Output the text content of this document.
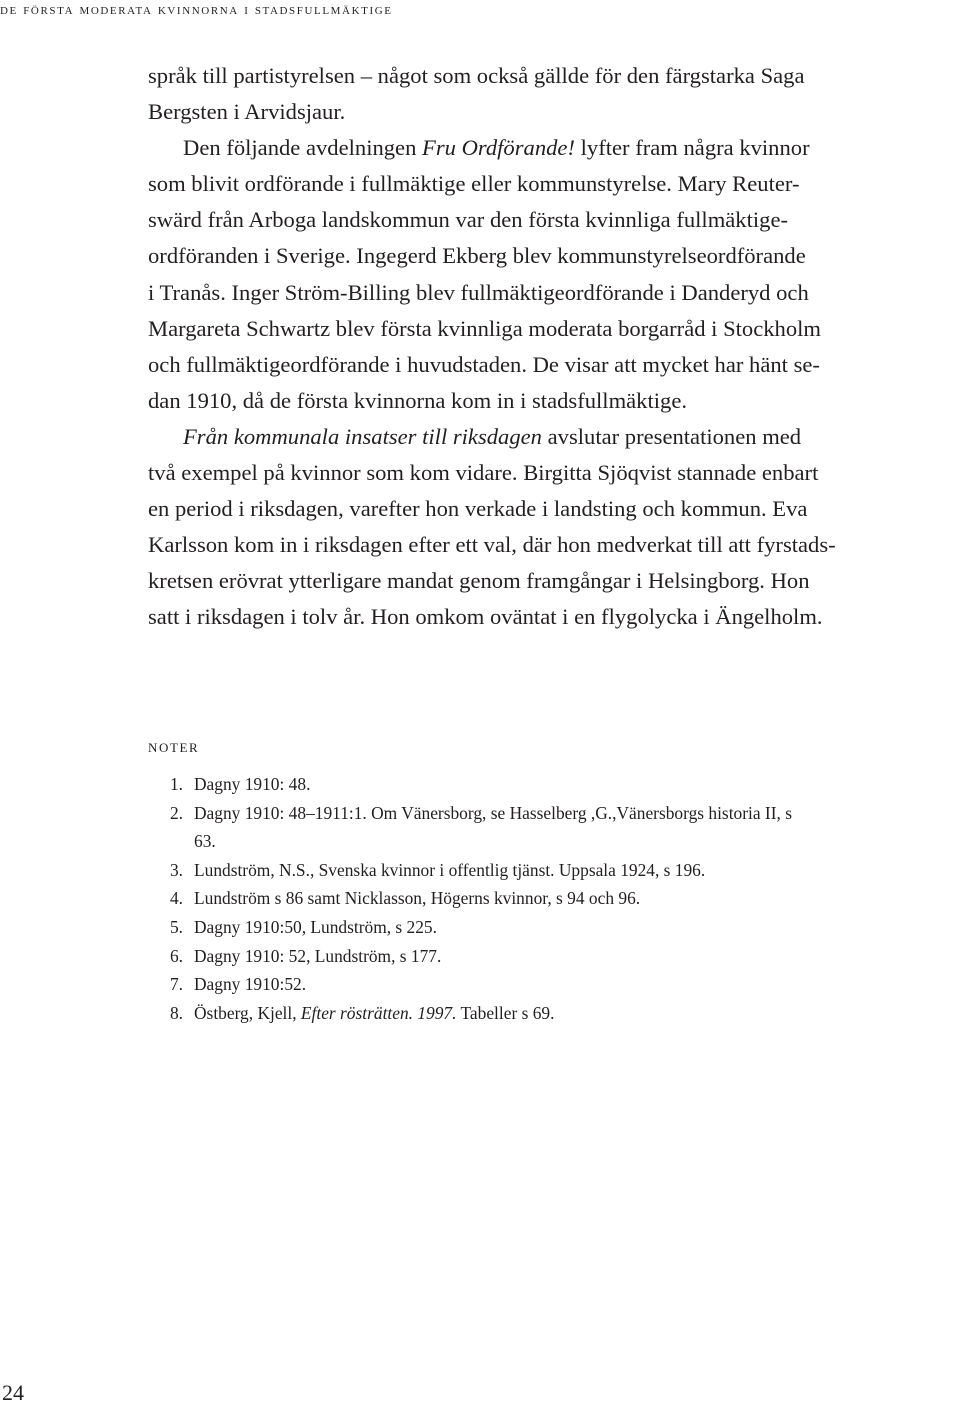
de första moderata kvinnorna i stadsfullmäktige
språk till partistyrelsen – något som också gällde för den färgstarka Saga
Bergsten i Arvidsjaur.
Den följande avdelningen Fru Ordförande! lyfter fram några kvinnor
som blivit ordförande i fullmäktige eller kommunstyrelse. Mary Reuter-
swärd från Arboga landskommun var den första kvinnliga fullmäktige-
ordföranden i Sverige. Ingegerd Ekberg blev kommunstyrelseordförande
i Tranås. Inger Ström-Billing blev fullmäktigeordförande i Danderyd och
Margareta Schwartz blev första kvinnliga moderata borgarråd i Stockholm
och fullmäktigeordförande i huvudstaden. De visar att mycket har hänt se-
dan 1910, då de första kvinnorna kom in i stadsfullmäktige.
Från kommunala insatser till riksdagen avslutar presentationen med
två exempel på kvinnor som kom vidare. Birgitta Sjöqvist stannade enbart
en period i riksdagen, varefter hon verkade i landsting och kommun. Eva
Karlsson kom in i riksdagen efter ett val, där hon medverkat till att fyrstads-
kretsen erövrat ytterligare mandat genom framgångar i Helsingborg. Hon
satt i riksdagen i tolv år. Hon omkom oväntat i en flygolycka i Ängelholm.
noter
1. Dagny 1910: 48.
2. Dagny 1910: 48–1911:1. Om Vänersborg, se Hasselberg ,G.,Vänersborgs historia II, s
63.
3. Lundström, N.S., Svenska kvinnor i offentlig tjänst. Uppsala 1924, s 196.
4. Lundström s 86 samt Nicklasson, Högerns kvinnor, s 94 och 96.
5. Dagny 1910:50, Lundström, s 225.
6. Dagny 1910: 52, Lundström, s 177.
7. Dagny 1910:52.
8. Östberg, Kjell, Efter rösträtten. 1997. Tabeller s 69.
24
